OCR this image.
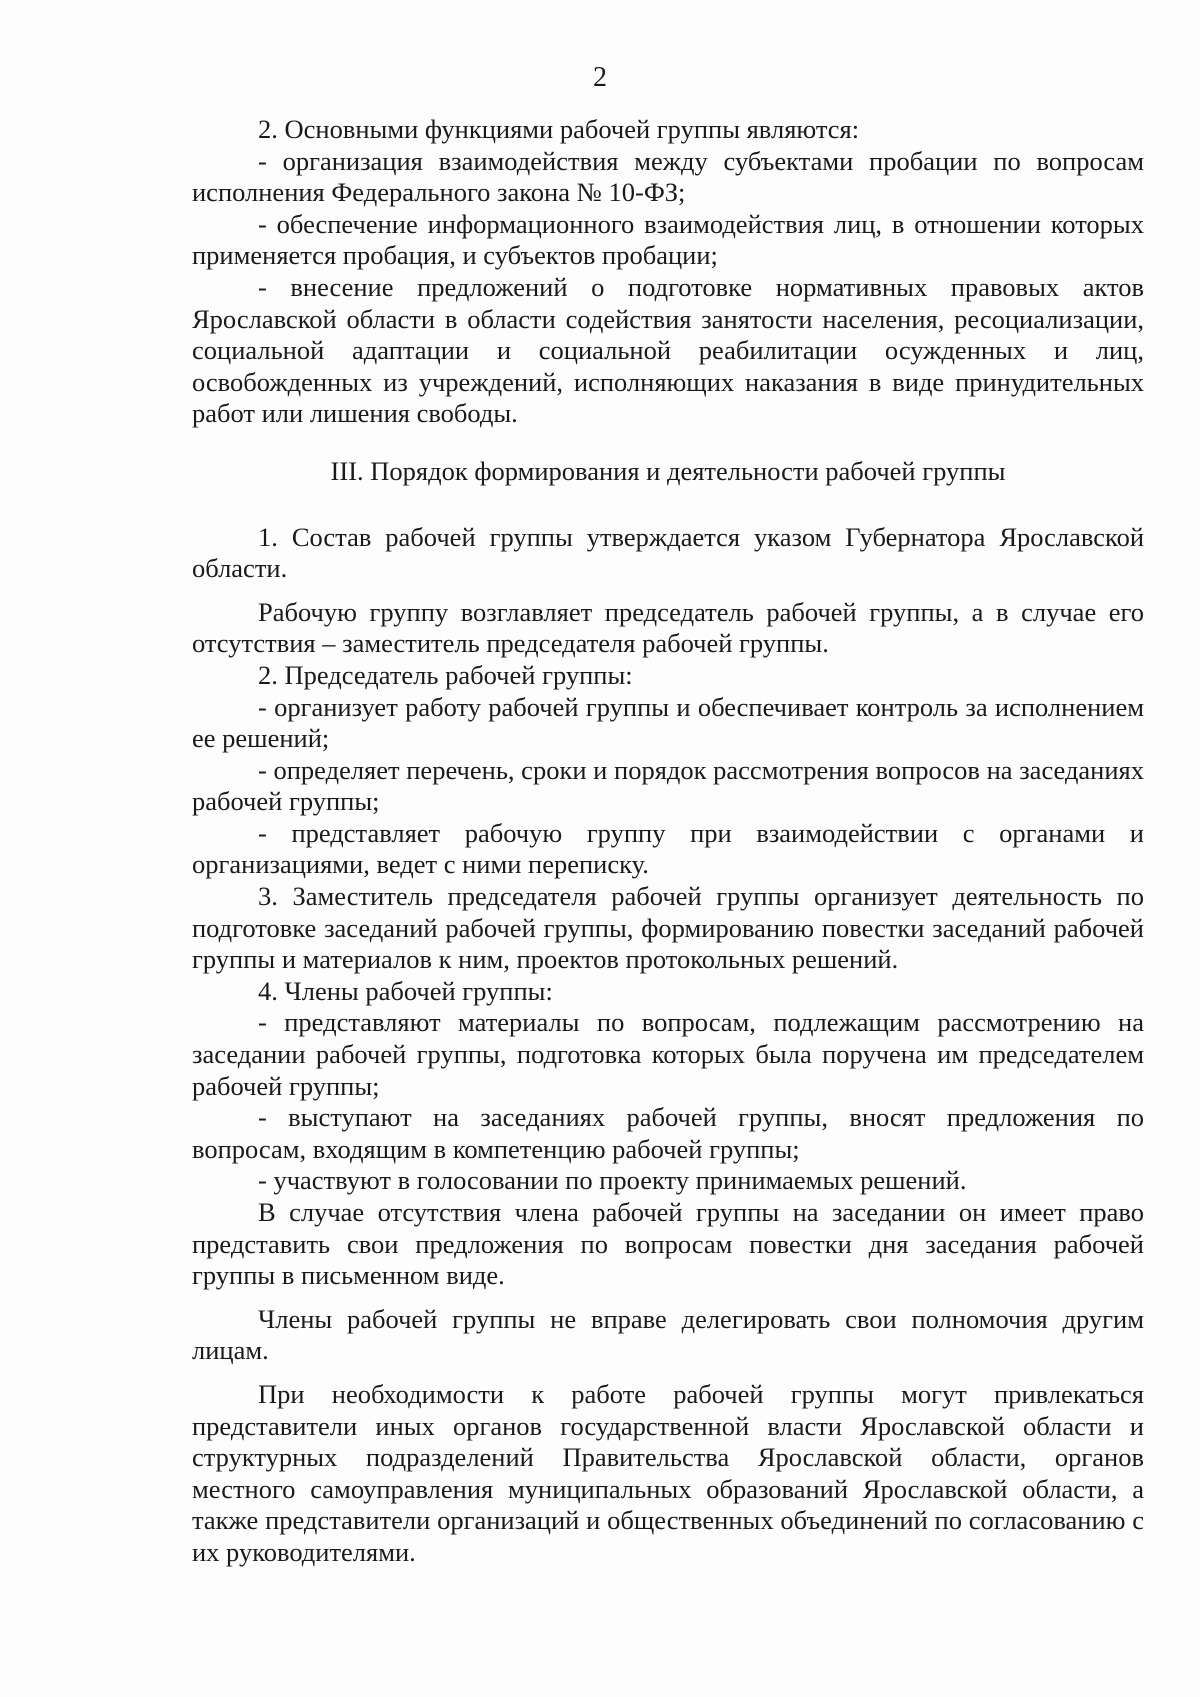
2

2. Основными функциями рабочей группы являются:

- организация взаимодействия между субъектами пробации по вопросам исполнения Федерального закона № 10-ФЗ;

- обеспечение информационного взаимодействия лиц, в отношении которых применяется пробация, и субъектов пробации;

- внесение предложений о подготовке нормативных правовых актов Ярославской области в области содействия занятости населения, ресоциализации, социальной адаптации и социальной реабилитации осужденных и лиц, освобожденных из учреждений, исполняющих наказания в виде принудительных работ или лишения свободы.

III. Порядок формирования и деятельности рабочей группы

1. Состав рабочей группы утверждается указом Губернатора Ярославской области.

Рабочую группу возглавляет председатель рабочей группы, а в случае его отсутствия – заместитель председателя рабочей группы.

2. Председатель рабочей группы:

- организует работу рабочей группы и обеспечивает контроль за исполнением ее решений;

- определяет перечень, сроки и порядок рассмотрения вопросов на заседаниях рабочей группы;

- представляет рабочую группу при взаимодействии с органами и организациями, ведет с ними переписку.

3. Заместитель председателя рабочей группы организует деятельность по подготовке заседаний рабочей группы, формированию повестки заседаний рабочей группы и материалов к ним, проектов протокольных решений.

4. Члены рабочей группы:

- представляют материалы по вопросам, подлежащим рассмотрению на заседании рабочей группы, подготовка которых была поручена им председателем рабочей группы;

- выступают на заседаниях рабочей группы, вносят предложения по вопросам, входящим в компетенцию рабочей группы;

- участвуют в голосовании по проекту принимаемых решений.

В случае отсутствия члена рабочей группы на заседании он имеет право представить свои предложения по вопросам повестки дня заседания рабочей группы в письменном виде.

Члены рабочей группы не вправе делегировать свои полномочия другим лицам.

При необходимости к работе рабочей группы могут привлекаться представители иных органов государственной власти Ярославской области и структурных подразделений Правительства Ярославской области, органов местного самоуправления муниципальных образований Ярославской области, а также представители организаций и общественных объединений по согласованию с их руководителями.
